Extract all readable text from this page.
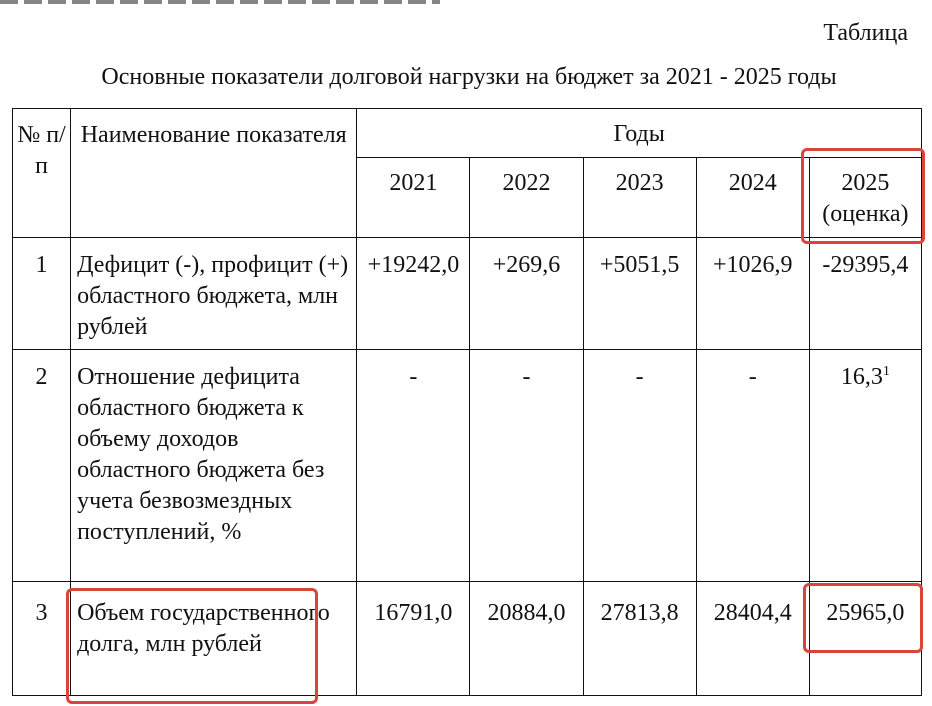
Таблица
Основные показатели долговой нагрузки на бюджет за 2021 - 2025 годы
№ п/п	Наименование показателя	Годы				
		2021	2022	2023	2024	2025 (оценка)
1	Дефицит (-), профицит (+) областного бюджета, млн рублей	+19242,0	+269,6	+5051,5	+1026,9	-29395,4
2	Отношение дефицита областного бюджета к объему доходов областного бюджета без учета безвозмездных поступлений, %	-	-	-	-	16,3$^1$
3	Объем государственного долга, млн рублей	16791,0	20884,0	27813,8	28404,4	25965,0
